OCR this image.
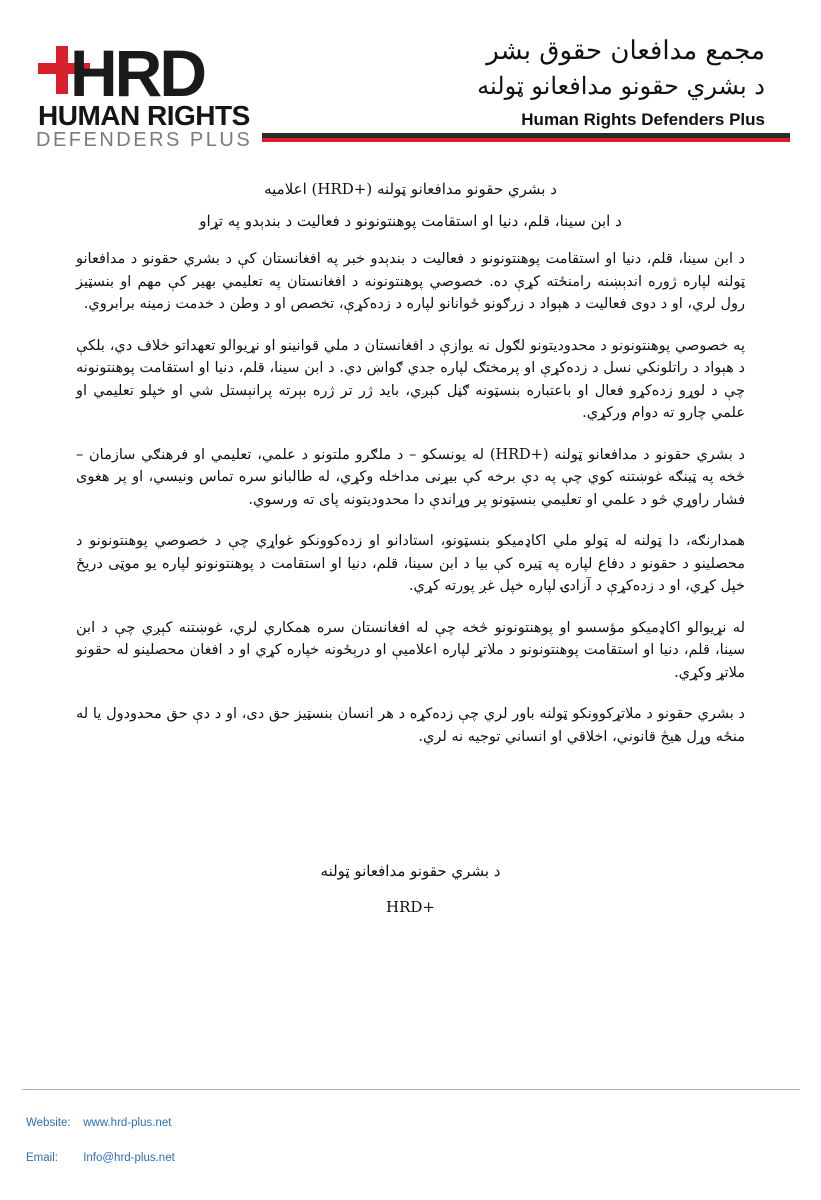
HRD
HUMAN RIGHTS
DEFENDERS PLUS
مجمع مدافعان حقوق بشر
د بشري حقونو مدافعانو ټولنه
Human Rights Defenders Plus
د بشري حقونو مدافعانو ټولنه (+HRD) اعلامیه
د ابن سینا، قلم، دنیا او استقامت پوهنتونونو د فعالیت د بندېدو په تړاو

د ابن سینا، قلم، دنیا او استقامت پوهنتونونو د فعالیت د بندېدو خبر په افغانستان کې د بشري حقونو د مدافعانو ټولنه لپاره ژوره اندېښنه رامنځته کړې ده. خصوصي پوهنتونونه د افغانستان په تعلیمي بهیر کې مهم او بنسټیز رول لري، او د دوی فعالیت د هېواد د زرګونو ځوانانو لپاره د زده‌کړې، تخصص او د وطن د خدمت زمینه برابروي.

په خصوصي پوهنتونونو د محدودیتونو لګول نه یوازې د افغانستان د ملي قوانینو او نړیوالو تعهداتو خلاف دي، بلکې د هېواد د راتلونکي نسل د زده‌کړې او پرمختګ لپاره جدي ګواښ دي. د ابن سینا، قلم، دنیا او استقامت پوهنتونونه چې د لوړو زده‌کړو فعال او باعتباره بنسټونه ګڼل کېږي، باید ژر تر ژره بېرته پرانېستل شي او خپلو تعلیمي او علمي چارو ته دوام ورکړي.

د بشري حقونو د مدافعانو ټولنه (+HRD) له یونسکو – د ملګرو ملتونو د علمي، تعلیمي او فرهنګي سازمان – څخه په ټینګه غوښتنه کوي چې په دې برخه کې بیړنی مداخله وکړي، له طالبانو سره تماس ونیسي، او پر هغوی فشار راوړي څو د علمي او تعلیمي بنسټونو پر وړاندې دا محدودیتونه پای ته ورسوي.

همدارنګه، دا ټولنه له ټولو ملي اکاډمیکو بنسټونو، استادانو او زده‌کوونکو غواړي چې د خصوصي پوهنتونونو د محصلینو د حقونو د دفاع لپاره په ټیره کې بیا د ابن سینا، قلم، دنیا او استقامت د پوهنتونونو لپاره یو موټی دریځ خپل کړي، او د زده‌کړې د آزادۍ لپاره خپل غږ پورته کړي.

له نړیوالو اکاډمیکو مؤسسو او پوهنتونونو څخه چې له افغانستان سره همکاري لري، غوښتنه کېږي چې د ابن سینا، قلم، دنیا او استقامت پوهنتونونو د ملاتړ لپاره اعلامیې او درېځونه خپاره کړي او د افغان محصلینو له حقونو ملاتړ وکړي.

د بشري حقونو د ملاتړکوونکو ټولنه باور لري چې زده‌کړه د هر انسان بنسټیز حق دی، او د دې حق محدودول یا له منځه وړل هیڅ قانوني، اخلاقي او انساني توجیه نه لري.

د بشري حقونو مدافعانو ټولنه
HRD+
Website: www.hrd-plus.net
Email: Info@hrd-plus.net
